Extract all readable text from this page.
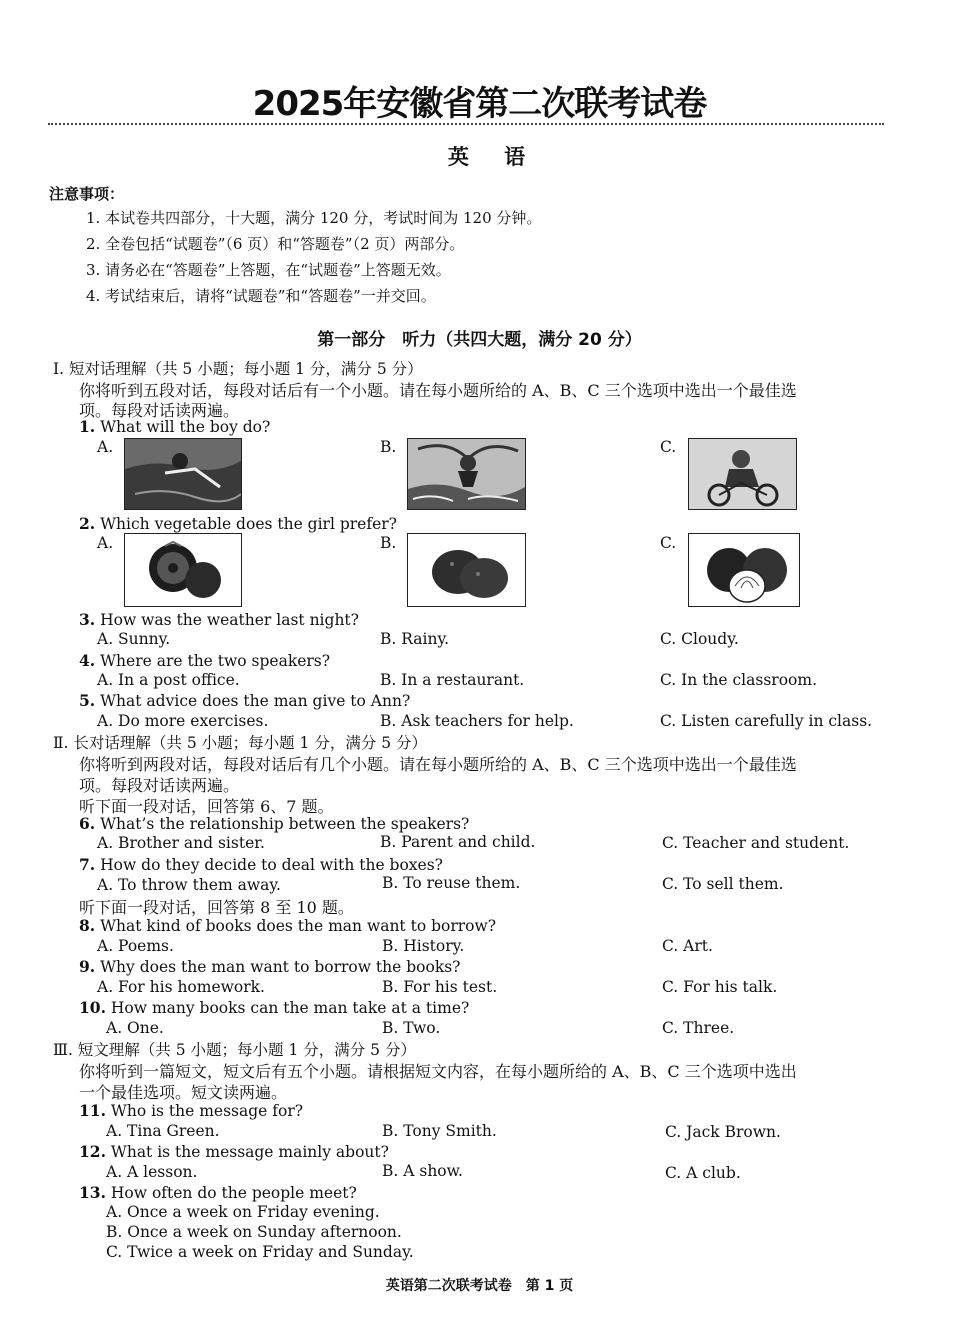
2025年安徽省第二次联考试卷
英 语
注意事项：
1. 本试卷共四部分，十大题，满分 120 分，考试时间为 120 分钟。
2. 全卷包括“试题卷”（6 页）和“答题卷”（2 页）两部分。
3. 请务必在“答题卷”上答题，在“试题卷”上答题无效。
4. 考试结束后，请将“试题卷”和“答题卷”一并交回。
第一部分　听力（共四大题，满分 20 分）
Ⅰ. 短对话理解（共 5 小题；每小题 1 分，满分 5 分）
你将听到五段对话，每段对话后有一个小题。请在每小题所给的 A、B、C 三个选项中选出一个最佳选
项。每段对话读两遍。
1. What will the boy do?
A.	B.	C.
2. Which vegetable does the girl prefer?
A.	B.	C.
3. How was the weather last night?
A. Sunny.	B. Rainy.	C. Cloudy.
4. Where are the two speakers?
A. In a post office.	B. In a restaurant.	C. In the classroom.
5. What advice does the man give to Ann?
A. Do more exercises.	B. Ask teachers for help.	C. Listen carefully in class.
Ⅱ. 长对话理解（共 5 小题；每小题 1 分，满分 5 分）
你将听到两段对话，每段对话后有几个小题。请在每小题所给的 A、B、C 三个选项中选出一个最佳选
项。每段对话读两遍。
听下面一段对话，回答第 6、7 题。
6. What’s the relationship between the speakers?
A. Brother and sister.	B. Parent and child.	C. Teacher and student.
7. How do they decide to deal with the boxes?
A. To throw them away.	B. To reuse them.	C. To sell them.
听下面一段对话，回答第 8 至 10 题。
8. What kind of books does the man want to borrow?
A. Poems.	B. History.	C. Art.
9. Why does the man want to borrow the books?
A. For his homework.	B. For his test.	C. For his talk.
10. How many books can the man take at a time?
A. One.	B. Two.	C. Three.
Ⅲ. 短文理解（共 5 小题；每小题 1 分，满分 5 分）
你将听到一篇短文，短文后有五个小题。请根据短文内容，在每小题所给的 A、B、C 三个选项中选出
一个最佳选项。短文读两遍。
11. Who is the message for?
A. Tina Green.	B. Tony Smith.	C. Jack Brown.
12. What is the message mainly about?
A. A lesson.	B. A show.	C. A club.
13. How often do the people meet?
A. Once a week on Friday evening.
B. Once a week on Sunday afternoon.
C. Twice a week on Friday and Sunday.
英语第二次联考试卷　第 1 页
